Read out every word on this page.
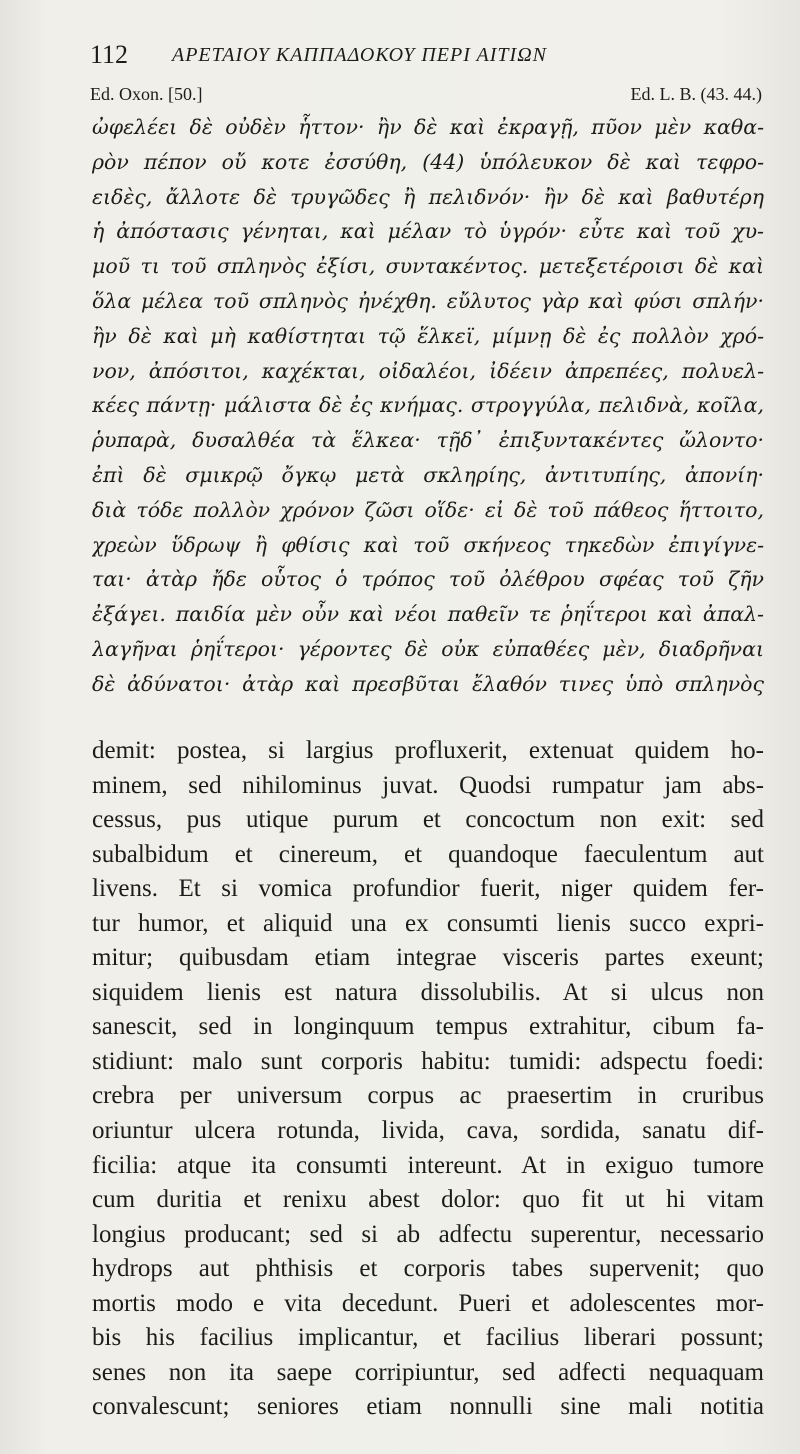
112 ΑΡΕΤΑΙΟΥ ΚΑΠΠΑΔΟΚΟΥ ΠΕΡΙ ΑΙΤΙΩΝ
Ed. Oxon. [50.]	Ed. L. B. (43. 44.)
ὠφελέει δὲ οὐδὲν ἧττον· ἢν δὲ καὶ ἐκραγῇ, πῦον μὲν καθα-
ρὸν πέπον οὔ κοτε ἐσσύθη, (44) ὑπόλευκον δὲ καὶ τεφρο-
ειδὲς, ἄλλοτε δὲ τρυγῶδες ἢ πελιδνόν· ἢν δὲ καὶ βαθυτέρη
ἡ ἀπόστασις γένηται, καὶ μέλαν τὸ ὑγρόν· εὖτε καὶ τοῦ χυ-
μοῦ τι τοῦ σπληνὸς ἐξίσι, συντακέντος. μετεξετέροισι δὲ καὶ
ὅλα μέλεα τοῦ σπληνὸς ἠνέχθη. εὔλυτος γὰρ καὶ φύσι σπλήν·
ἢν δὲ καὶ μὴ καθίστηται τῷ ἕλκεϊ, μίμνῃ δὲ ἐς πολλὸν χρό-
νον, ἀπόσιτοι, καχέκται, οἰδαλέοι, ἰδέειν ἀπρεπέες, πολυελ-
κέες πάντῃ· μάλιστα δὲ ἐς κνήμας. στρογγύλα, πελιδνὰ, κοῖλα,
ῥυπαρὰ, δυσαλθέα τὰ ἕλκεα· τῇδ᾽ ἐπιξυντακέντες ὤλοντο·
ἐπὶ δὲ σμικρῷ ὄγκῳ μετὰ σκληρίης, ἀντιτυπίης, ἀπονίη·
διὰ τόδε πολλὸν χρόνον ζῶσι οἵδε· εἰ δὲ τοῦ πάθεος ἥττοιτο,
χρεὼν ὕδρωψ ἢ φθίσις καὶ τοῦ σκήνεος τηκεδὼν ἐπιγίγνε-
ται· ἀτὰρ ἤδε οὗτος ὁ τρόπος τοῦ ὀλέθρου σφέας τοῦ ζῆν
ἐξάγει. παιδία μὲν οὖν καὶ νέοι παθεῖν τε ῥηΐτεροι καὶ ἀπαλ-
λαγῆναι ῥηΐτεροι· γέροντες δὲ οὐκ εὐπαθέες μὲν, διαδρῆναι
δὲ ἀδύνατοι· ἀτὰρ καὶ πρεσβῦται ἔλαθόν τινες ὑπὸ σπληνὸς
demit: postea, si largius profluxerit, extenuat quidem ho-
minem, sed nihilominus juvat. Quodsi rumpatur jam abs-
cessus, pus utique purum et concoctum non exit: sed
subalbidum et cinereum, et quandoque faeculentum aut
livens. Et si vomica profundior fuerit, niger quidem fer-
tur humor, et aliquid una ex consumti lienis succo expri-
mitur; quibusdam etiam integrae visceris partes exeunt;
siquidem lienis est natura dissolubilis. At si ulcus non
sanescit, sed in longinquum tempus extrahitur, cibum fa-
stidiunt: malo sunt corporis habitu: tumidi: adspectu foedi:
crebra per universum corpus ac praesertim in cruribus
oriuntur ulcera rotunda, livida, cava, sordida, sanatu dif-
ficilia: atque ita consumti intereunt. At in exiguo tumore
cum duritia et renixu abest dolor: quo fit ut hi vitam
longius producant; sed si ab adfectu superentur, necessario
hydrops aut phthisis et corporis tabes supervenit; quo
mortis modo e vita decedunt. Pueri et adolescentes mor-
bis his facilius implicantur, et facilius liberari possunt;
senes non ita saepe corripiuntur, sed adfecti nequaquam
convalescunt; seniores etiam nonnulli sine mali notitia
